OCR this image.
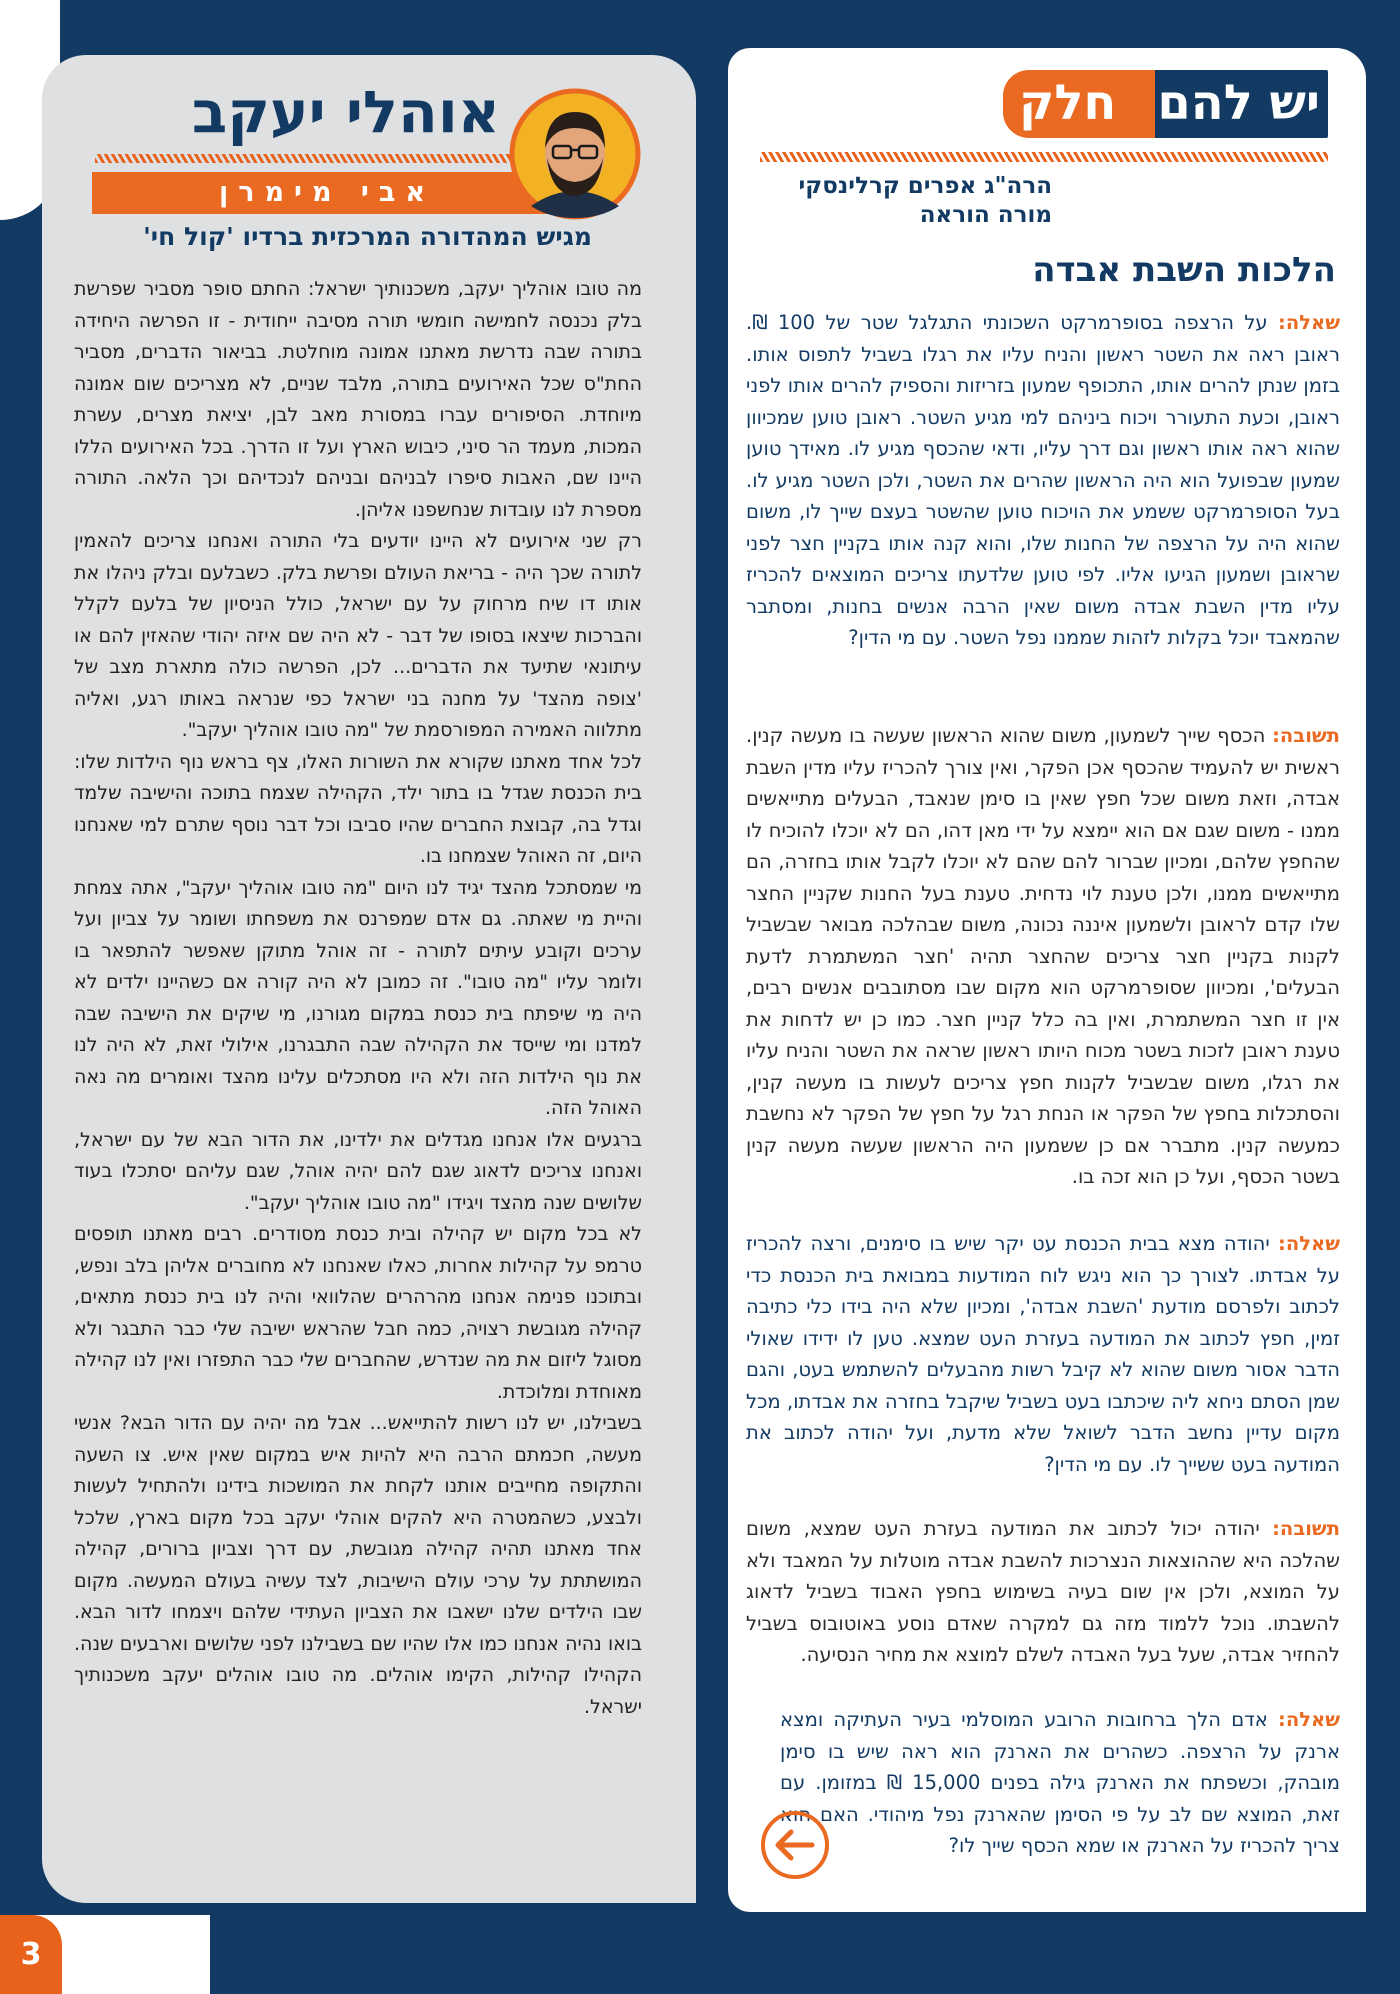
3
יש להם
חלק
הרה"ג אפרים קרלינסקי
מורה הוראה
הלכות השבת אבדה
שאלה: על הרצפה בסופרמרקט השכונתי התגלגל שטר של 100 ₪. ראובן ראה את השטר ראשון והניח עליו את רגלו בשביל לתפוס אותו. בזמן שנתן להרים אותו, התכופף שמעון בזריזות והספיק להרים אותו לפני ראובן, וכעת התעורר ויכוח ביניהם למי מגיע השטר. ראובן טוען שמכיוון שהוא ראה אותו ראשון וגם דרך עליו, ודאי שהכסף מגיע לו. מאידך טוען שמעון שבפועל הוא היה הראשון שהרים את השטר, ולכן השטר מגיע לו. בעל הסופרמרקט ששמע את הויכוח טוען שהשטר בעצם שייך לו, משום שהוא היה על הרצפה של החנות שלו, והוא קנה אותו בקניין חצר לפני שראובן ושמעון הגיעו אליו. לפי טוען שלדעתו צריכים המוצאים להכריז עליו מדין השבת אבדה משום שאין הרבה אנשים בחנות, ומסתבר שהמאבד יוכל בקלות לזהות שממנו נפל השטר. עם מי הדין?
תשובה: הכסף שייך לשמעון, משום שהוא הראשון שעשה בו מעשה קנין. ראשית יש להעמיד שהכסף אכן הפקר, ואין צורך להכריז עליו מדין השבת אבדה, וזאת משום שכל חפץ שאין בו סימן שנאבד, הבעלים מתייאשים ממנו - משום שגם אם הוא יימצא על ידי מאן דהו, הם לא יוכלו להוכיח לו שהחפץ שלהם, ומכיון שברור להם שהם לא יוכלו לקבל אותו בחזרה, הם מתייאשים ממנו, ולכן טענת לוי נדחית. טענת בעל החנות שקניין החצר שלו קדם לראובן ולשמעון איננה נכונה, משום שבהלכה מבואר שבשביל לקנות בקניין חצר צריכים שהחצר תהיה 'חצר המשתמרת לדעת הבעלים', ומכיוון שסופרמרקט הוא מקום שבו מסתובבים אנשים רבים, אין זו חצר המשתמרת, ואין בה כלל קניין חצר. כמו כן יש לדחות את טענת ראובן לזכות בשטר מכוח היותו ראשון שראה את השטר והניח עליו את רגלו, משום שבשביל לקנות חפץ צריכים לעשות בו מעשה קנין, והסתכלות בחפץ של הפקר או הנחת רגל על חפץ של הפקר לא נחשבת כמעשה קנין. מתברר אם כן ששמעון היה הראשון שעשה מעשה קנין בשטר הכסף, ועל כן הוא זכה בו.
שאלה: יהודה מצא בבית הכנסת עט יקר שיש בו סימנים, ורצה להכריז על אבדתו. לצורך כך הוא ניגש לוח המודעות במבואת בית הכנסת כדי לכתוב ולפרסם מודעת 'השבת אבדה', ומכיון שלא היה בידו כלי כתיבה זמין, חפץ לכתוב את המודעה בעזרת העט שמצא. טען לו ידידו שאולי הדבר אסור משום שהוא לא קיבל רשות מהבעלים להשתמש בעט, והגם שמן הסתם ניחא ליה שיכתבו בעט בשביל שיקבל בחזרה את אבדתו, מכל מקום עדיין נחשב הדבר לשואל שלא מדעת, ועל יהודה לכתוב את המודעה בעט ששייך לו. עם מי הדין?
תשובה: יהודה יכול לכתוב את המודעה בעזרת העט שמצא, משום שהלכה היא שההוצאות הנצרכות להשבת אבדה מוטלות על המאבד ולא על המוצא, ולכן אין שום בעיה בשימוש בחפץ האבוד בשביל לדאוג להשבתו. נוכל ללמוד מזה גם למקרה שאדם נוסע באוטובוס בשביל להחזיר אבדה, שעל בעל האבדה לשלם למוצא את מחיר הנסיעה.
שאלה: אדם הלך ברחובות הרובע המוסלמי בעיר העתיקה ומצא ארנק על הרצפה. כשהרים את הארנק הוא ראה שיש בו סימן מובהק, וכשפתח את הארנק גילה בפנים 15,000 ₪ במזומן. עם זאת, המוצא שם לב על פי הסימן שהארנק נפל מיהודי. האם הוא צריך להכריז על הארנק או שמא הכסף שייך לו?
אוהלי יעקב
אבי מימרן
מגיש המהדורה המרכזית ברדיו 'קול חי'

מה טובו אוהליך יעקב, משכנותיך ישראל: החתם סופר מסביר שפרשת בלק נכנסה לחמישה חומשי תורה מסיבה ייחודית - זו הפרשה היחידה בתורה שבה נדרשת מאתנו אמונה מוחלטת. בביאור הדברים, מסביר החת"ס שכל האירועים בתורה, מלבד שניים, לא מצריכים שום אמונה מיוחדת. הסיפורים עברו במסורת מאב לבן, יציאת מצרים, עשרת המכות, מעמד הר סיני, כיבוש הארץ ועל זו הדרך. בכל האירועים הללו היינו שם, האבות סיפרו לבניהם ובניהם לנכדיהם וכך הלאה. התורה מספרת לנו עובדות שנחשפנו אליהן.

רק שני אירועים לא היינו יודעים בלי התורה ואנחנו צריכים להאמין לתורה שכך היה - בריאת העולם ופרשת בלק. כשבלעם ובלק ניהלו את אותו דו שיח מרחוק על עם ישראל, כולל הניסיון של בלעם לקלל והברכות שיצאו בסופו של דבר - לא היה שם איזה יהודי שהאזין להם או עיתונאי שתיעד את הדברים... לכן, הפרשה כולה מתארת מצב של 'צופה מהצד' על מחנה בני ישראל כפי שנראה באותו רגע, ואליה מתלווה האמירה המפורסמת של "מה טובו אוהליך יעקב".

לכל אחד מאתנו שקורא את השורות האלו, צף בראש נוף הילדות שלו: בית הכנסת שגדל בו בתור ילד, הקהילה שצמח בתוכה והישיבה שלמד וגדל בה, קבוצת החברים שהיו סביבו וכל דבר נוסף שתרם למי שאנחנו היום, זה האוהל שצמחנו בו.

מי שמסתכל מהצד יגיד לנו היום "מה טובו אוהליך יעקב", אתה צמחת והיית מי שאתה. גם אדם שמפרנס את משפחתו ושומר על צביון ועל ערכים וקובע עיתים לתורה - זה אוהל מתוקן שאפשר להתפאר בו ולומר עליו "מה טובו". זה כמובן לא היה קורה אם כשהיינו ילדים לא היה מי שיפתח בית כנסת במקום מגורנו, מי שיקים את הישיבה שבה למדנו ומי שייסד את הקהילה שבה התבגרנו, אילולי זאת, לא היה לנו את נוף הילדות הזה ולא היו מסתכלים עלינו מהצד ואומרים מה נאה האוהל הזה.

ברגעים אלו אנחנו מגדלים את ילדינו, את הדור הבא של עם ישראל, ואנחנו צריכים לדאוג שגם להם יהיה אוהל, שגם עליהם יסתכלו בעוד שלושים שנה מהצד ויגידו "מה טובו אוהליך יעקב".

לא בכל מקום יש קהילה ובית כנסת מסודרים. רבים מאתנו תופסים טרמפ על קהילות אחרות, כאלו שאנחנו לא מחוברים אליהן בלב ונפש, ובתוכנו פנימה אנחנו מהרהרים שהלוואי והיה לנו בית כנסת מתאים, קהילה מגובשת רצויה, כמה חבל שהראש ישיבה שלי כבר התבגר ולא מסוגל ליזום את מה שנדרש, שהחברים שלי כבר התפזרו ואין לנו קהילה מאוחדת ומלוכדת.

בשבילנו, יש לנו רשות להתייאש... אבל מה יהיה עם הדור הבא? אנשי מעשה, חכמתם הרבה היא להיות איש במקום שאין איש. צו השעה והתקופה מחייבים אותנו לקחת את המושכות בידינו ולהתחיל לעשות ולבצע, כשהמטרה היא להקים אוהלי יעקב בכל מקום בארץ, שלכל אחד מאתנו תהיה קהילה מגובשת, עם דרך וצביון ברורים, קהילה המושתתת על ערכי עולם הישיבות, לצד עשיה בעולם המעשה. מקום שבו הילדים שלנו ישאבו את הצביון העתידי שלהם ויצמחו לדור הבא. בואו נהיה אנחנו כמו אלו שהיו שם בשבילנו לפני שלושים וארבעים שנה. הקהילו קהילות, הקימו אוהלים. מה טובו אוהלים יעקב משכנותיך ישראל.
